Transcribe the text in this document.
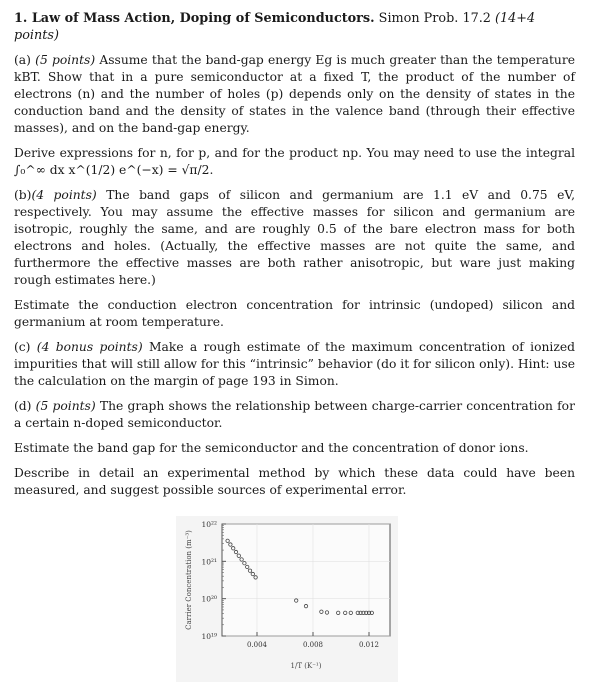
1. Law of Mass Action, Doping of Semiconductors. Simon Prob. 17.2 (14+4 points)

(a) (5 points) Assume that the band-gap energy Eg is much greater than the temperature kBT. Show that in a pure semiconductor at a fixed T, the product of the number of electrons (n) and the number of holes (p) depends only on the density of states in the conduction band and the density of states in the valence band (through their effective masses), and on the band-gap energy.

Derive expressions for n, for p, and for the product np. You may need to use the integral ∫₀^∞ dx x^(1/2) e^(−x) = √π/2.

(b)(4 points) The band gaps of silicon and germanium are 1.1 eV and 0.75 eV, respectively. You may assume the effective masses for silicon and germanium are isotropic, roughly the same, and are roughly 0.5 of the bare electron mass for both electrons and holes. (Actually, the effective masses are not quite the same, and furthermore the effective masses are both rather anisotropic, but ware just making rough estimates here.)

Estimate the conduction electron concentration for intrinsic (undoped) silicon and germanium at room temperature.

(c) (4 bonus points) Make a rough estimate of the maximum concentration of ionized impurities that will still allow for this “intrinsic” behavior (do it for silicon only). Hint: use the calculation on the margin of page 193 in Simon.

(d) (5 points) The graph shows the relationship between charge-carrier concentration for a certain n-doped semiconductor.

Estimate the band gap for the semiconductor and the concentration of donor ions.

Describe in detail an experimental method by which these data could have been measured, and suggest possible sources of experimental error.

10¹⁹
10²⁰
10²¹
10²²
0.004	0.008	0.012
Carrier Concentration (m⁻³)
1/T (K⁻¹)
